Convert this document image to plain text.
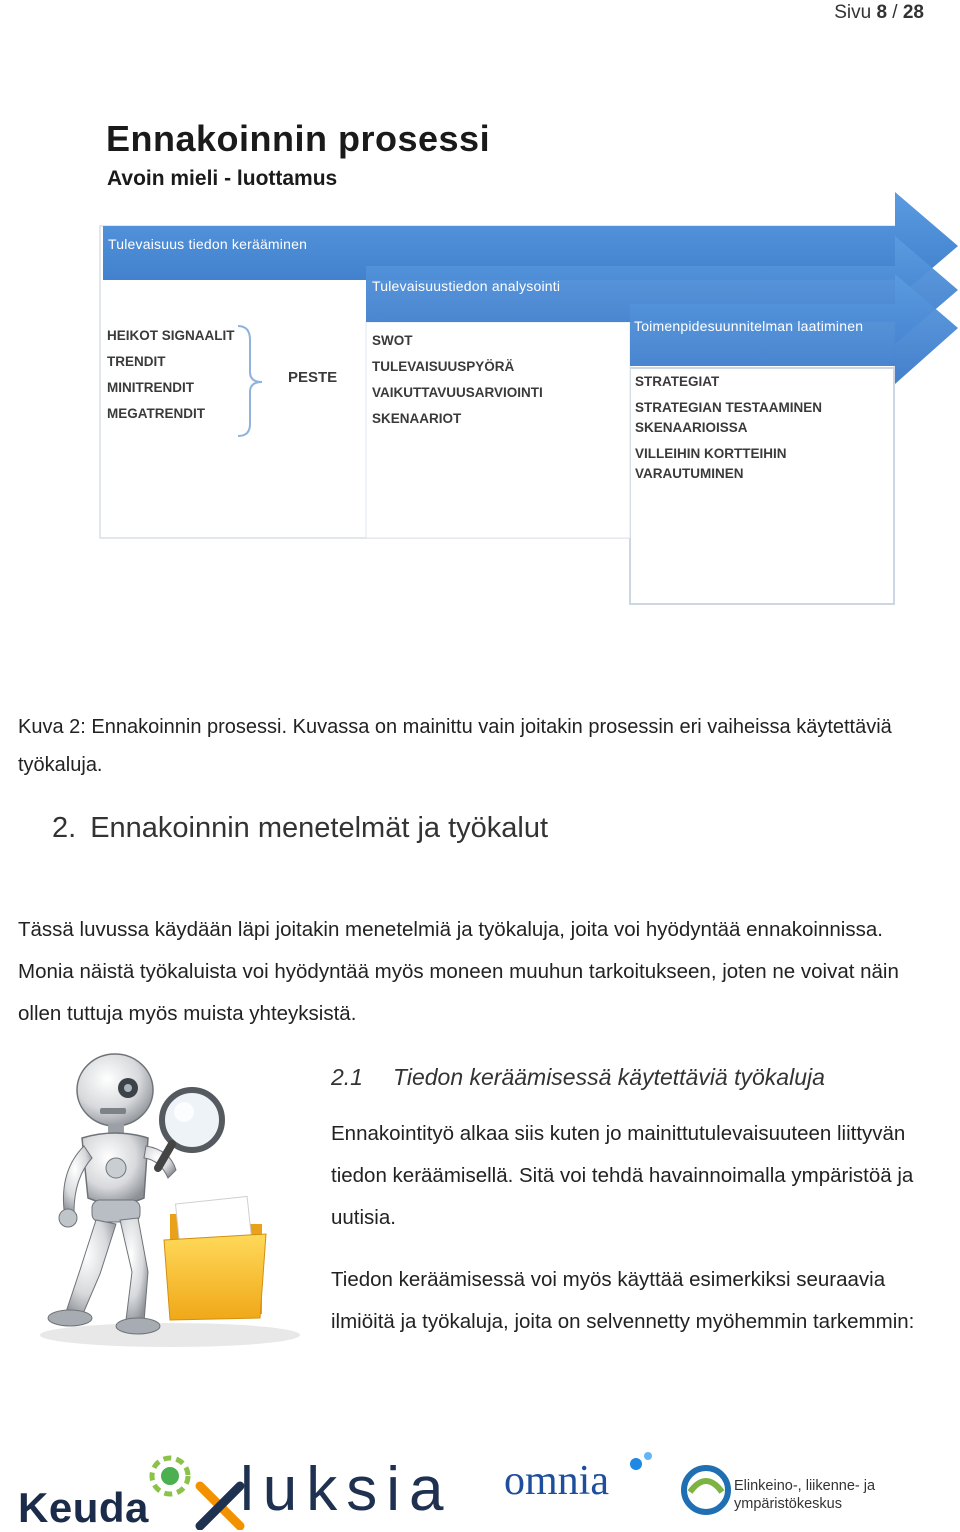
Sivu 8 / 28
Ennakoinnin prosessi
Avoin mieli - luottamus
Tulevaisuus tiedon kerääminen
Tulevaisuustiedon analysointi
Toimenpidesuunnitelman laatiminen
HEIKOT SIGNAALIT
TRENDIT
MINITRENDIT
MEGATRENDIT
PESTE
SWOT
TULEVAISUUSPYÖRÄ
VAIKUTTAVUUSARVIOINTI
SKENAARIOT
STRATEGIAT
STRATEGIAN TESTAAMINEN
SKENAARIOISSA
VILLEIHIN KORTTEIHIN
VARAUTUMINEN
Kuva 2: Ennakoinnin prosessi. Kuvassa on mainittu vain joitakin prosessin eri vaiheissa käytettäviä työkaluja.
2. Ennakoinnin menetelmät ja työkalut
Tässä luvussa käydään läpi joitakin menetelmiä ja työkaluja, joita voi hyödyntää ennakoinnissa. Monia näistä työkaluista voi hyödyntää myös moneen muuhun tarkoitukseen, joten ne voivat näin ollen tuttuja myös muista yhteyksistä.
2.1 Tiedon keräämisessä käytettäviä työkaluja
Ennakointityö alkaa siis kuten jo mainittutulevaisuuteen liittyvän tiedon keräämisellä. Sitä voi tehdä havainnoimalla ympäristöä ja uutisia.
Tiedon keräämisessä voi myös käyttää esimerkiksi seuraavia ilmiöitä ja työkaluja, joita on selvennetty myöhemmin tarkemmin:
Keuda luksia omnia	Elinkeino-, liikenne- ja
ympäristökeskus
